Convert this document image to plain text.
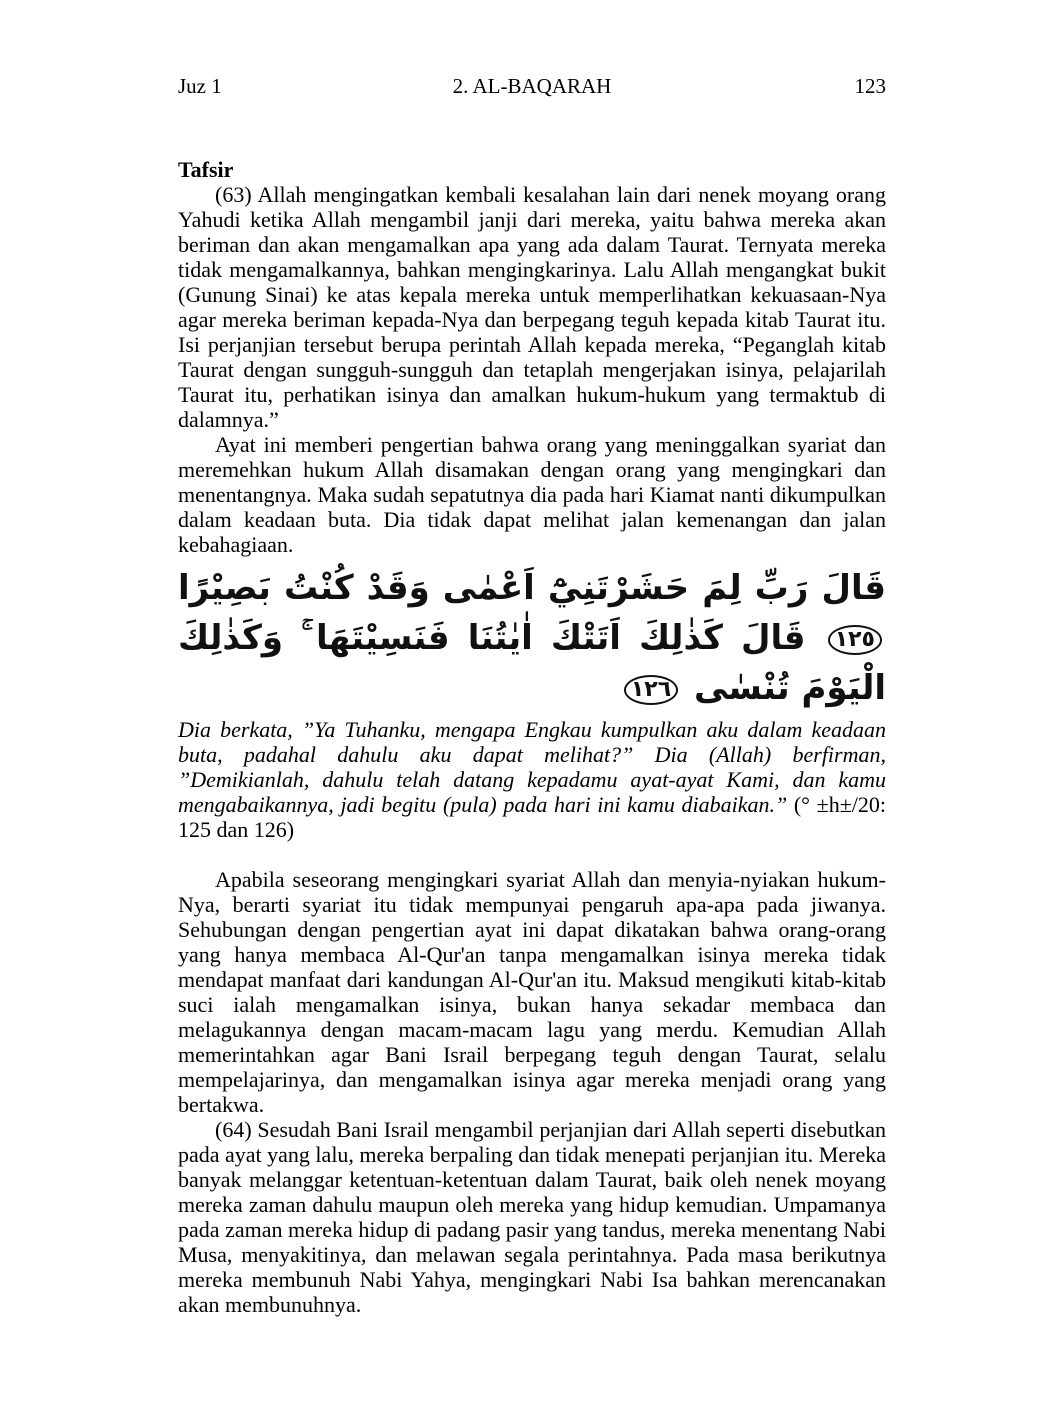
Juz 1	2. AL-BAQARAH	123
Tafsir

(63) Allah mengingatkan kembali kesalahan lain dari nenek moyang orang Yahudi ketika Allah mengambil janji dari mereka, yaitu bahwa mereka akan beriman dan akan mengamalkan apa yang ada dalam Taurat. Ternyata mereka tidak mengamalkannya, bahkan mengingkarinya. Lalu Allah mengangkat bukit (Gunung Sinai) ke atas kepala mereka untuk memperlihatkan kekuasaan-Nya agar mereka beriman kepada-Nya dan berpegang teguh kepada kitab Taurat itu. Isi perjanjian tersebut berupa perintah Allah kepada mereka, “Peganglah kitab Taurat dengan sungguh-sungguh dan tetaplah mengerjakan isinya, pelajarilah Taurat itu, perhatikan isinya dan amalkan hukum-hukum yang termaktub di dalamnya.”

Ayat ini memberi pengertian bahwa orang yang meninggalkan syariat dan meremehkan hukum Allah disamakan dengan orang yang mengingkari dan menentangnya. Maka sudah sepatutnya dia pada hari Kiamat nanti dikumpulkan dalam keadaan buta. Dia tidak dapat melihat jalan kemenangan dan jalan kebahagiaan.

قَالَ رَبِّ لِمَ حَشَرْتَنِيْٓ اَعْمٰى وَقَدْ كُنْتُ بَصِيْرًا ١٢٥ قَالَ كَذٰلِكَ اَتَتْكَ اٰيٰتُنَا فَنَسِيْتَهَا ۚ وَكَذٰلِكَ الْيَوْمَ تُنْسٰى ١٢٦

Dia berkata, ”Ya Tuhanku, mengapa Engkau kumpulkan aku dalam keadaan buta, padahal dahulu aku dapat melihat?” Dia (Allah) berfirman, ”Demikianlah, dahulu telah datang kepadamu ayat-ayat Kami, dan kamu mengabaikannya, jadi begitu (pula) pada hari ini kamu diabaikan.” (° ±h±/20: 125 dan 126)

Apabila seseorang mengingkari syariat Allah dan menyia-nyiakan hukum-Nya, berarti syariat itu tidak mempunyai pengaruh apa-apa pada jiwanya. Sehubungan dengan pengertian ayat ini dapat dikatakan bahwa orang-orang yang hanya membaca Al-Qur'an tanpa mengamalkan isinya mereka tidak mendapat manfaat dari kandungan Al-Qur'an itu. Maksud mengikuti kitab-kitab suci ialah mengamalkan isinya, bukan hanya sekadar membaca dan melagukannya dengan macam-macam lagu yang merdu. Kemudian Allah memerintahkan agar Bani Israil berpegang teguh dengan Taurat, selalu mempelajarinya, dan mengamalkan isinya agar mereka menjadi orang yang bertakwa.

(64) Sesudah Bani Israil mengambil perjanjian dari Allah seperti disebutkan pada ayat yang lalu, mereka berpaling dan tidak menepati perjanjian itu. Mereka banyak melanggar ketentuan-ketentuan dalam Taurat, baik oleh nenek moyang mereka zaman dahulu maupun oleh mereka yang hidup kemudian. Umpamanya pada zaman mereka hidup di padang pasir yang tandus, mereka menentang Nabi Musa, menyakitinya, dan melawan segala perintahnya. Pada masa berikutnya mereka membunuh Nabi Yahya, mengingkari Nabi Isa bahkan merencanakan akan membunuhnya.
